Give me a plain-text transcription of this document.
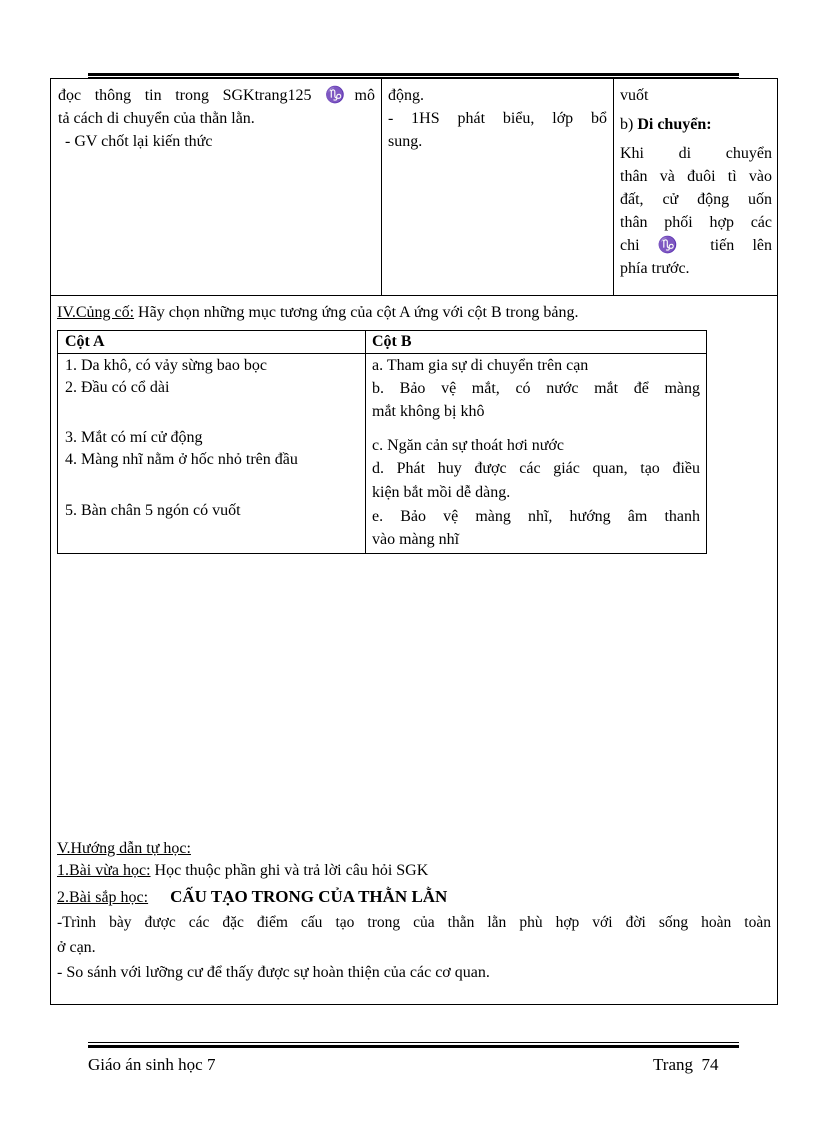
đọc thông tin trong SGKtrang125 ♑mô
tả cách di chuyển của thằn lằn.
- GV chốt lại kiến thức
động.
- 1HS phát biểu, lớp bổ
sung.
vuốt
b) Di chuyển:
Khi di chuyển
thân và đuôi tì vào
đất, cử động uốn
thân phối hợp các
chi ♑ tiến lên
phía trước.
IV.Củng cố: Hãy chọn những mục tương ứng của cột A ứng với cột B trong bảng.
Cột A	Cột B
1. Da khô, có vảy sừng bao bọc
2. Đầu có cổ dài
3. Mắt có mí cử động
4. Màng nhĩ nằm ở hốc nhỏ trên đầu
5. Bàn chân 5 ngón có vuốt
a. Tham gia sự di chuyển trên cạn
b. Bảo vệ mắt, có nước mắt để màng
mắt không bị khô
c. Ngăn cản sự thoát hơi nước
d. Phát huy được các giác quan, tạo điều
kiện bắt mồi dễ dàng.
e. Bảo vệ màng nhĩ, hướng âm thanh
vào màng nhĩ
V.Hướng dẫn tự học:
1.Bài vừa học: Học thuộc phần ghi và trả lời câu hỏi SGK
2.Bài sắp học: CẤU TẠO TRONG CỦA THẰN LẰN
-Trình bày được các đặc điểm cấu tạo trong của thằn lằn phù hợp với đời sống hoàn toàn
ở cạn.
- So sánh với lưỡng cư để thấy được sự hoàn thiện của các cơ quan.
Giáo án sinh học 7	Trang  74
